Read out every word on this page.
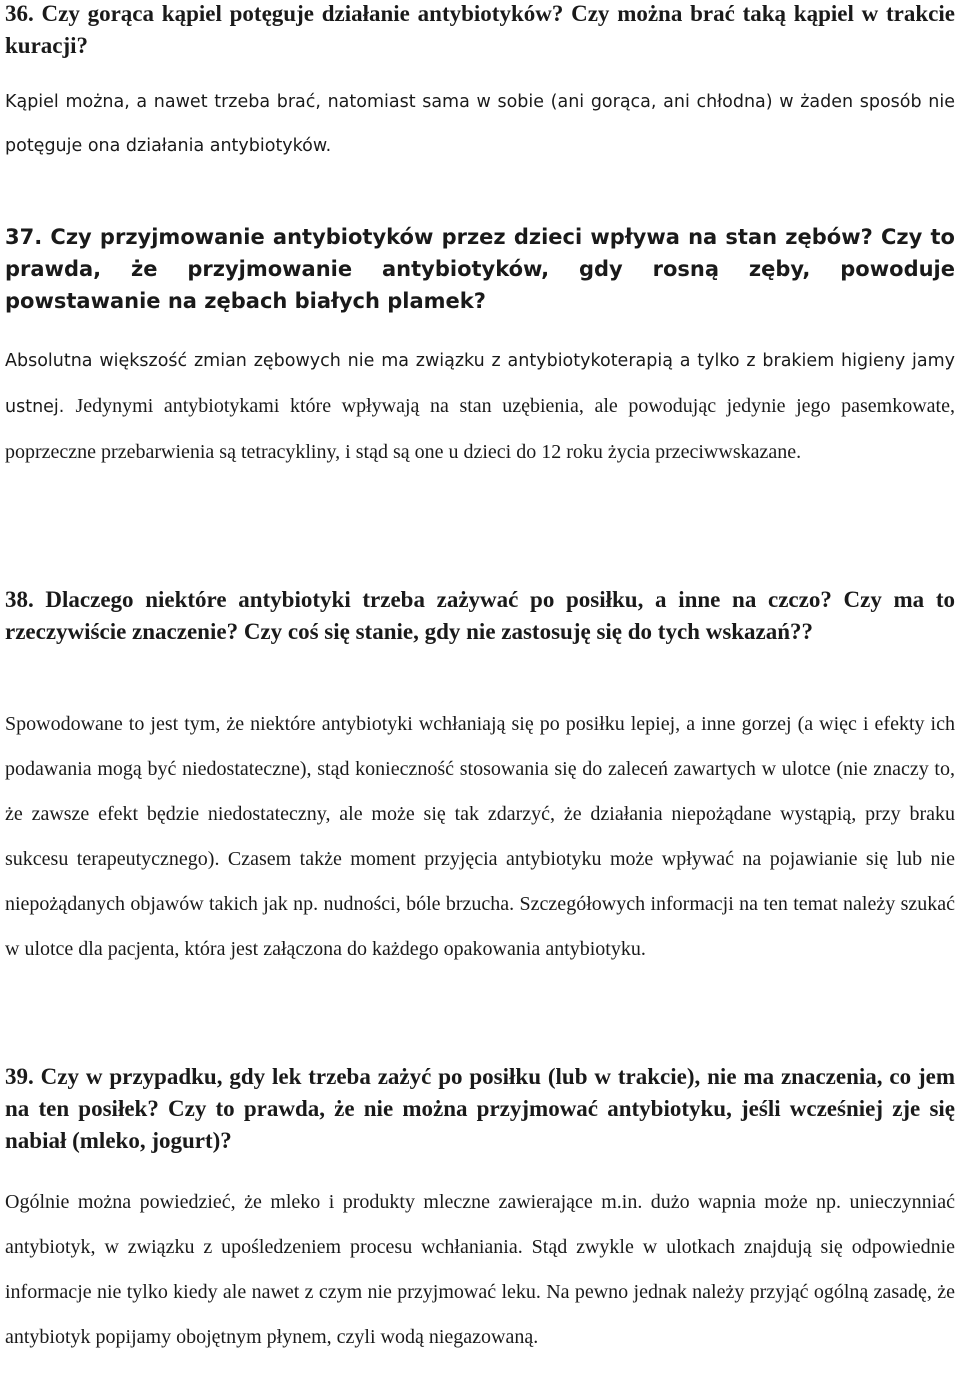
36. Czy gorąca kąpiel potęguje działanie antybiotyków? Czy można brać taką kąpiel w trakcie kuracji?

Kąpiel można, a nawet trzeba brać, natomiast sama w sobie (ani gorąca, ani chłodna) w żaden sposób nie potęguje ona działania antybiotyków.

37. Czy przyjmowanie antybiotyków przez dzieci wpływa na stan zębów? Czy to prawda, że przyjmowanie antybiotyków, gdy rosną zęby, powoduje powstawanie na zębach białych plamek?

Absolutna większość zmian zębowych nie ma związku z antybiotykoterapią a tylko z brakiem higieny jamy ustnej. Jedynymi antybiotykami które wpływają na stan uzębienia, ale powodując jedynie jego pasemkowate, poprzeczne przebarwienia są tetracykliny, i stąd są one u dzieci do 12 roku życia przeciwwskazane.

38. Dlaczego niektóre antybiotyki trzeba zażywać po posiłku, a inne na czczo? Czy ma to rzeczywiście znaczenie? Czy coś się stanie, gdy nie zastosuję się do tych wskazań??

Spowodowane to jest tym, że niektóre antybiotyki wchłaniają się po posiłku lepiej, a inne gorzej (a więc i efekty ich podawania mogą być niedostateczne), stąd konieczność stosowania się do zaleceń zawartych w ulotce (nie znaczy to, że zawsze efekt będzie niedostateczny, ale może się tak zdarzyć, że działania niepożądane wystąpią, przy braku sukcesu terapeutycznego). Czasem także moment przyjęcia antybiotyku może wpływać na pojawianie się lub nie niepożądanych objawów takich jak np. nudności, bóle brzucha. Szczegółowych informacji na ten temat należy szukać w ulotce dla pacjenta, która jest załączona do każdego opakowania antybiotyku.

39. Czy w przypadku, gdy lek trzeba zażyć po posiłku (lub w trakcie), nie ma znaczenia, co jem na ten posiłek? Czy to prawda, że nie można przyjmować antybiotyku, jeśli wcześniej zje się nabiał (mleko, jogurt)?

Ogólnie można powiedzieć, że mleko i produkty mleczne zawierające m.in. dużo wapnia może np. unieczynniać antybiotyk, w związku z upośledzeniem procesu wchłaniania. Stąd zwykle w ulotkach znajdują się odpowiednie informacje nie tylko kiedy ale nawet z czym nie przyjmować leku. Na pewno jednak należy przyjąć ogólną zasadę, że antybiotyk popijamy obojętnym płynem, czyli wodą niegazowaną.
